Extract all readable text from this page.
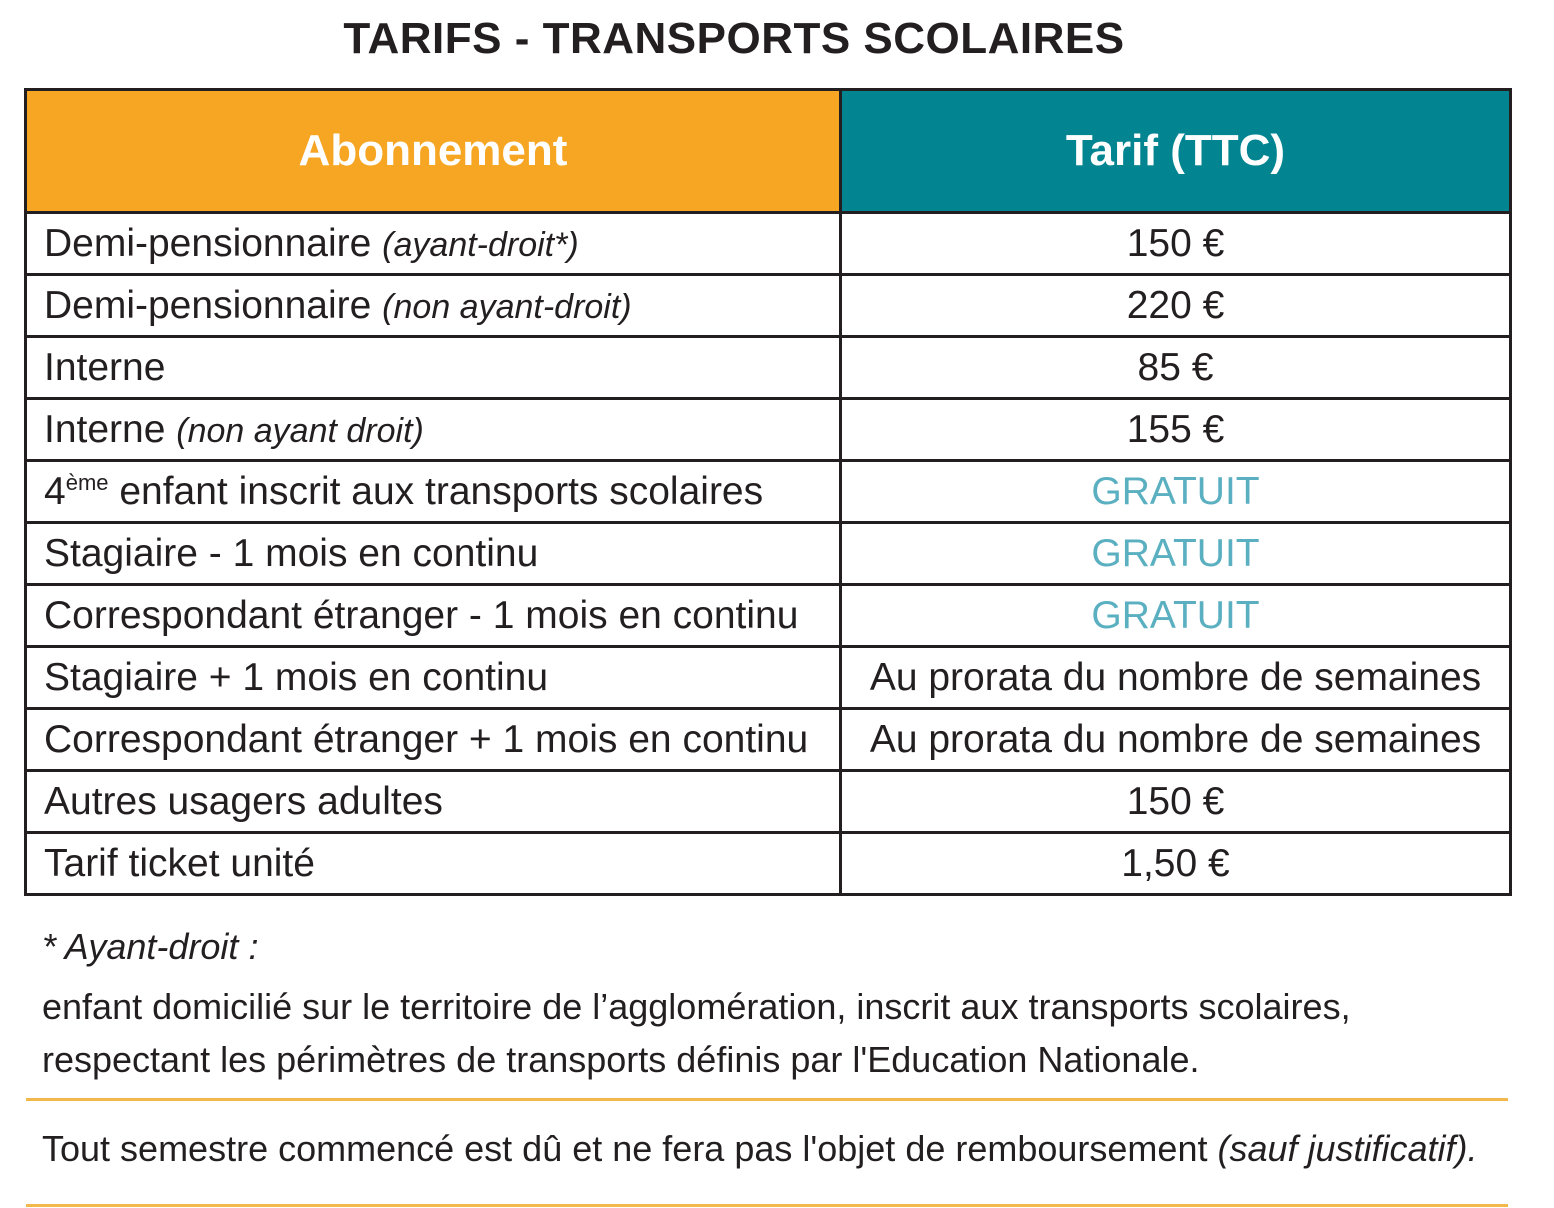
TARIFS - TRANSPORTS SCOLAIRES
Abonnement	Tarif (TTC)
Demi-pensionnaire (ayant-droit*)	150 €
Demi-pensionnaire (non ayant-droit)	220 €
Interne	85 €
Interne (non ayant droit)	155 €
4ème enfant inscrit aux transports scolaires	GRATUIT
Stagiaire - 1 mois en continu	GRATUIT
Correspondant étranger - 1 mois en continu	GRATUIT
Stagiaire + 1 mois en continu	Au prorata du nombre de semaines
Correspondant étranger + 1 mois en continu	Au prorata du nombre de semaines
Autres usagers adultes	150 €
Tarif ticket unité	1,50 €
* Ayant-droit :
enfant domicilié sur le territoire de l’agglomération, inscrit aux transports scolaires, respectant les périmètres de transports définis par l'Education Nationale.
Tout semestre commencé est dû et ne fera pas l'objet de remboursement (sauf justificatif).
